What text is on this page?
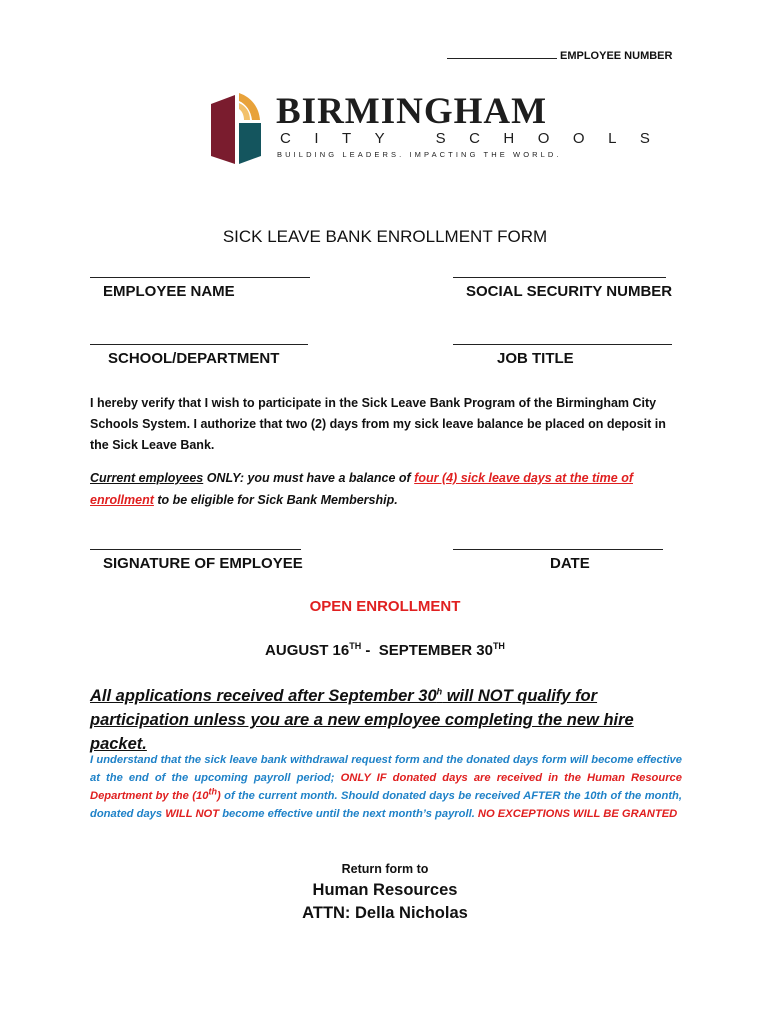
EMPLOYEE NUMBER
BIRMINGHAM
CITY SCHOOLS
BUILDING LEADERS. IMPACTING THE WORLD.
SICK LEAVE BANK ENROLLMENT FORM
EMPLOYEE NAME	SOCIAL SECURITY NUMBER
SCHOOL/DEPARTMENT	JOB TITLE
I hereby verify that I wish to participate in the Sick Leave Bank Program of the Birmingham City Schools System. I authorize that two (2) days from my sick leave balance be placed on deposit in the Sick Leave Bank.
Current employees ONLY: you must have a balance of four (4) sick leave days at the time of enrollment to be eligible for Sick Bank Membership.
SIGNATURE OF EMPLOYEE	DATE
OPEN ENROLLMENT
AUGUST 16TH -  SEPTEMBER 30TH
All applications received after September 30$^h$ will NOT qualify for participation unless you are a new employee completing the new hire packet.
I understand that the sick leave bank withdrawal request form and the donated days form will become effective at the end of the upcoming payroll period; ONLY IF donated days are received in the Human Resource Department by the (10th) of the current month. Should donated days be received AFTER the 10th of the month, donated days WILL NOT become effective until the next month’s payroll. NO EXCEPTIONS WILL BE GRANTED
Return form to
Human Resources
ATTN: Della Nicholas
